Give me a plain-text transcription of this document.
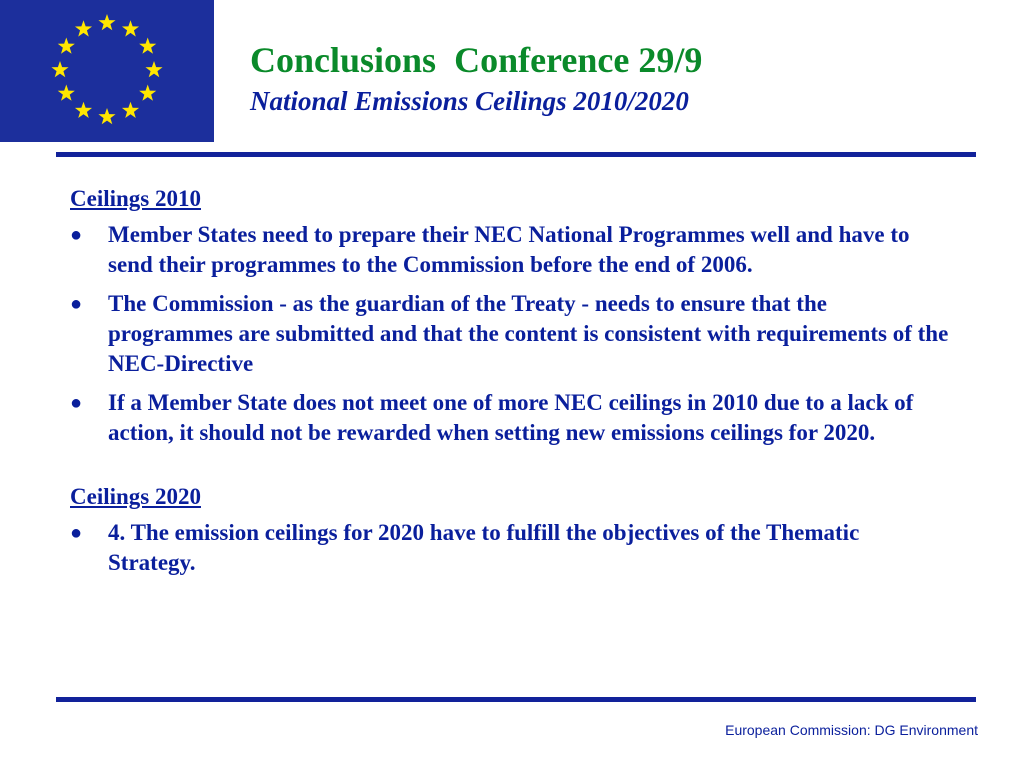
Conclusions  Conference 29/9
National Emissions Ceilings 2010/2020

Ceilings 2010

● Member States need to prepare their NEC National Programmes well and have to send their programmes to the Commission before the end of 2006.
● The Commission - as the guardian of the Treaty - needs to ensure that the programmes are submitted and that the content is consistent with requirements of the NEC-Directive
● If a Member State does not meet one of more NEC ceilings in 2010 due to a lack of action, it should not be rewarded when setting new emissions ceilings for 2020.

Ceilings 2020

● 4. The emission ceilings for 2020 have to fulfill the objectives of the Thematic Strategy.
European Commission: DG Environment
